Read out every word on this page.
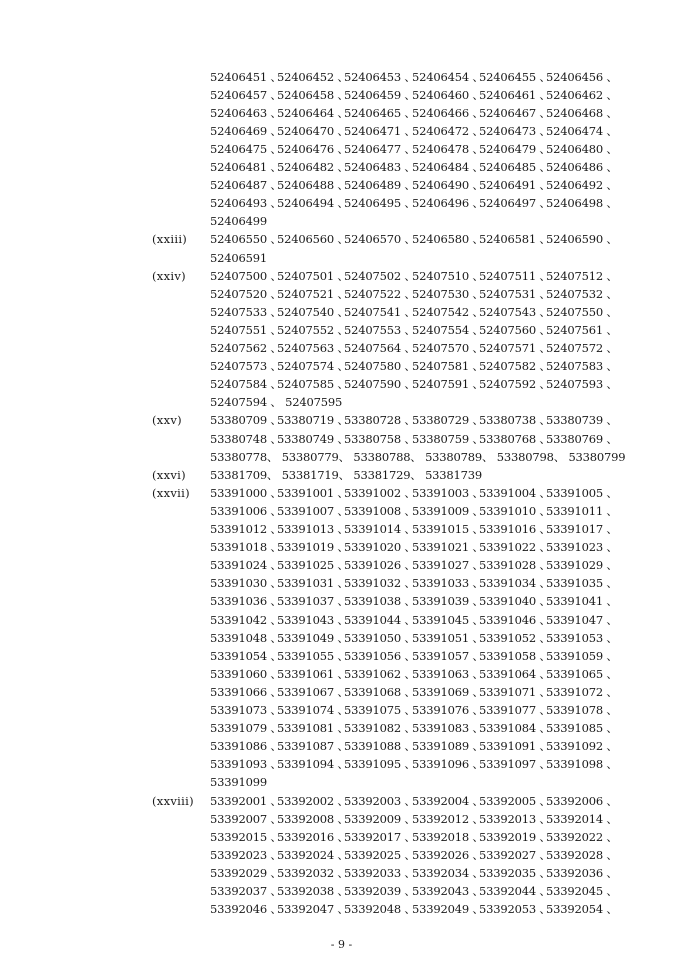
52406451 、
52406452 、
52406453 、
52406454 、
52406455 、
52406456 、
52406457 、
52406458 、
52406459 、
52406460 、
52406461 、
52406462 、
52406463 、
52406464 、
52406465 、
52406466 、
52406467 、
52406468 、
52406469 、
52406470 、
52406471 、
52406472 、
52406473 、
52406474 、
52406475 、
52406476 、
52406477 、
52406478 、
52406479 、
52406480 、
52406481 、
52406482 、
52406483 、
52406484 、
52406485 、
52406486 、
52406487 、
52406488 、
52406489 、
52406490 、
52406491 、
52406492 、
52406493 、
52406494 、
52406495 、
52406496 、
52406497 、
52406498 、
52406499
(xxiii) 52406550 、
52406560 、
52406570 、
52406580 、
52406581 、
52406590 、
52406591
(xxiv) 52407500 、
52407501 、
52407502 、
52407510 、
52407511 、
52407512 、
52407520 、
52407521 、
52407522 、
52407530 、
52407531 、
52407532 、
52407533 、
52407540 、
52407541 、
52407542 、
52407543 、
52407550 、
52407551 、
52407552 、
52407553 、
52407554 、
52407560 、
52407561 、
52407562 、
52407563 、
52407564 、
52407570 、
52407571 、
52407572 、
52407573 、
52407574 、
52407580 、
52407581 、
52407582 、
52407583 、
52407584 、
52407585 、
52407590 、
52407591 、
52407592 、
52407593 、
52407594 、 52407595
(xxv) 53380709 、
53380719 、
53380728 、
53380729 、
53380738 、
53380739 、
53380748 、
53380749 、
53380758 、
53380759 、
53380768 、
53380769 、
53380778、 53380779、 53380788、 53380789、 53380798、 53380799
(xxvi) 53381709、 53381719、 53381729、 53381739
(xxvii) 53391000 、
53391001 、
53391002 、
53391003 、
53391004 、
53391005 、
53391006 、
53391007 、
53391008 、
53391009 、
53391010 、
53391011 、
53391012 、
53391013 、
53391014 、
53391015 、
53391016 、
53391017 、
53391018 、
53391019 、
53391020 、
53391021 、
53391022 、
53391023 、
53391024 、
53391025 、
53391026 、
53391027 、
53391028 、
53391029 、
53391030 、
53391031 、
53391032 、
53391033 、
53391034 、
53391035 、
53391036 、
53391037 、
53391038 、
53391039 、
53391040 、
53391041 、
53391042 、
53391043 、
53391044 、
53391045 、
53391046 、
53391047 、
53391048 、
53391049 、
53391050 、
53391051 、
53391052 、
53391053 、
53391054 、
53391055 、
53391056 、
53391057 、
53391058 、
53391059 、
53391060 、
53391061 、
53391062 、
53391063 、
53391064 、
53391065 、
53391066 、
53391067 、
53391068 、
53391069 、
53391071 、
53391072 、
53391073 、
53391074 、
53391075 、
53391076 、
53391077 、
53391078 、
53391079 、
53391081 、
53391082 、
53391083 、
53391084 、
53391085 、
53391086 、
53391087 、
53391088 、
53391089 、
53391091 、
53391092 、
53391093 、
53391094 、
53391095 、
53391096 、
53391097 、
53391098 、
53391099
(xxviii) 53392001 、
53392002 、
53392003 、
53392004 、
53392005 、
53392006 、
53392007 、
53392008 、
53392009 、
53392012 、
53392013 、
53392014 、
53392015 、
53392016 、
53392017 、
53392018 、
53392019 、
53392022 、
53392023 、
53392024 、
53392025 、
53392026 、
53392027 、
53392028 、
53392029 、
53392032 、
53392033 、
53392034 、
53392035 、
53392036 、
53392037 、
53392038 、
53392039 、
53392043 、
53392044 、
53392045 、
53392046 、
53392047 、
53392048 、
53392049 、
53392053 、
53392054 、
- 9 -
